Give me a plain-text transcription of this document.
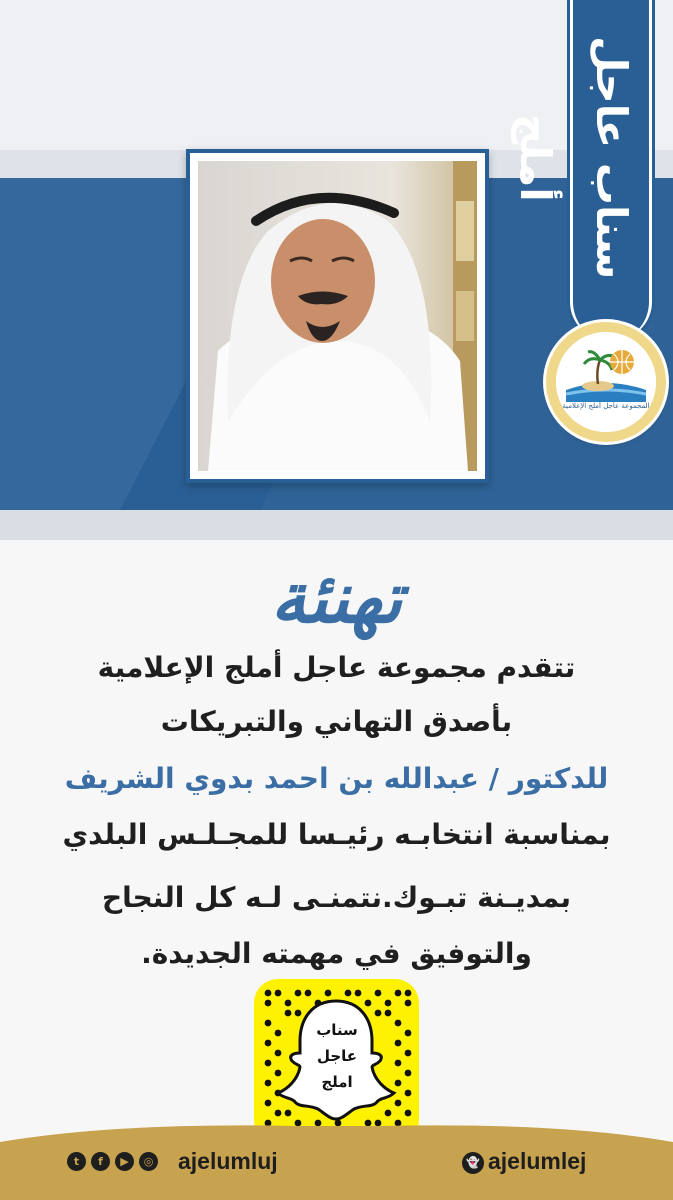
سناب عاجل أملج
المجموعة عاجل أملج الإعلامية
تهنئة
تتقدم مجموعة عاجل أملج الإعلامية
بأصدق التهاني والتبريكات
للدكتور / عبدالله بن احمد بدوي الشريف
بمناسبة انتخابـه رئيـسا للمجـلـس البلدي
بمديـنة تبـوك.نتمنـى لـه كل النجاح
والتوفيق في مهمته الجديدة.
سناب
عاجل
املج
t	f	▶	◎ ajelumluj	👻 ajelumlej
